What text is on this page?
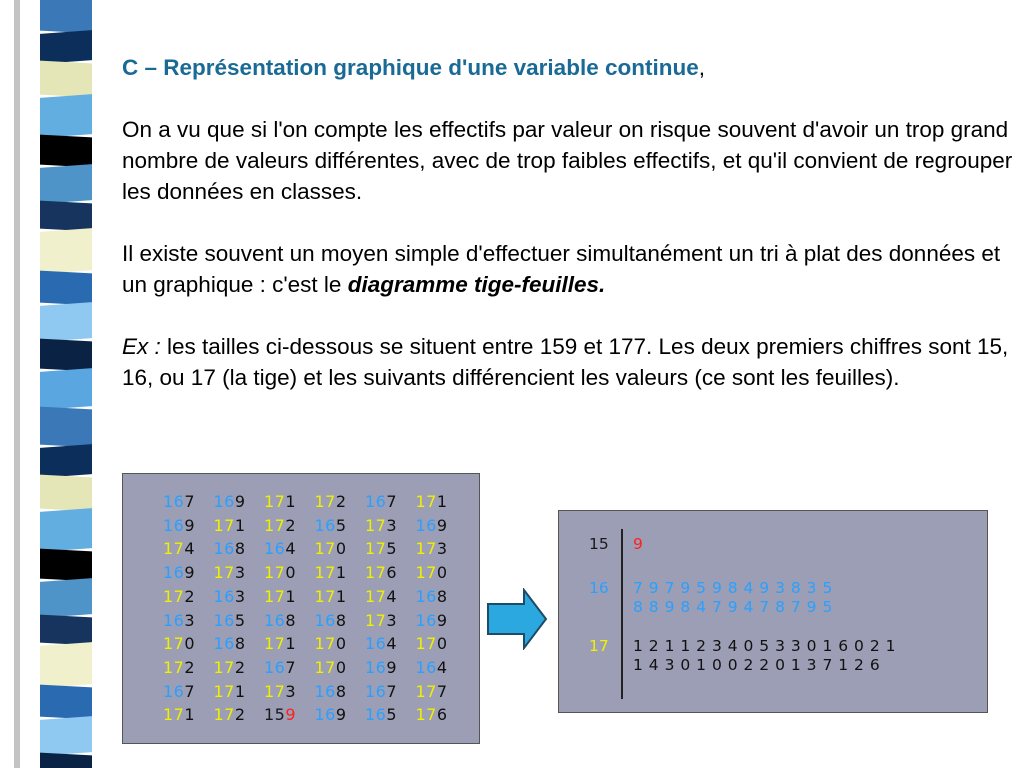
C – Représentation graphique d'une variable continue,

On a vu que si l'on compte les effectifs par valeur on risque souvent d'avoir un trop grand nombre de valeurs différentes, avec de trop faibles effectifs, et qu'il convient de regrouper les données en classes.

Il existe souvent un moyen simple d'effectuer simultanément un tri à plat des données et un graphique : c'est le diagramme tige-feuilles.

Ex : les tailles ci-dessous se situent entre 159 et 177. Les deux premiers chiffres sont 15, 16, ou 17 (la tige) et les suivants différencient les valeurs (ce sont les feuilles).

167 169 171 172 167 171
169 171 172 165 173 169
174 168 164 170 175 173
169 173 170 171 176 170
172 163 171 171 174 168
163 165 168 168 173 169
170 168 171 170 164 170
172 172 167 170 169 164
167 171 173 168 167 177
171 172 159 169 165 176
15 9
16 7 9 7 9 5 9 8 4 9 3 8 3 5
8 8 9 8 4 7 9 4 7 8 7 9 5
17 1 2 1 1 2 3 4 0 5 3 3 0 1 6 0 2 1
1 4 3 0 1 0 0 2 2 0 1 3 7 1 2 6
